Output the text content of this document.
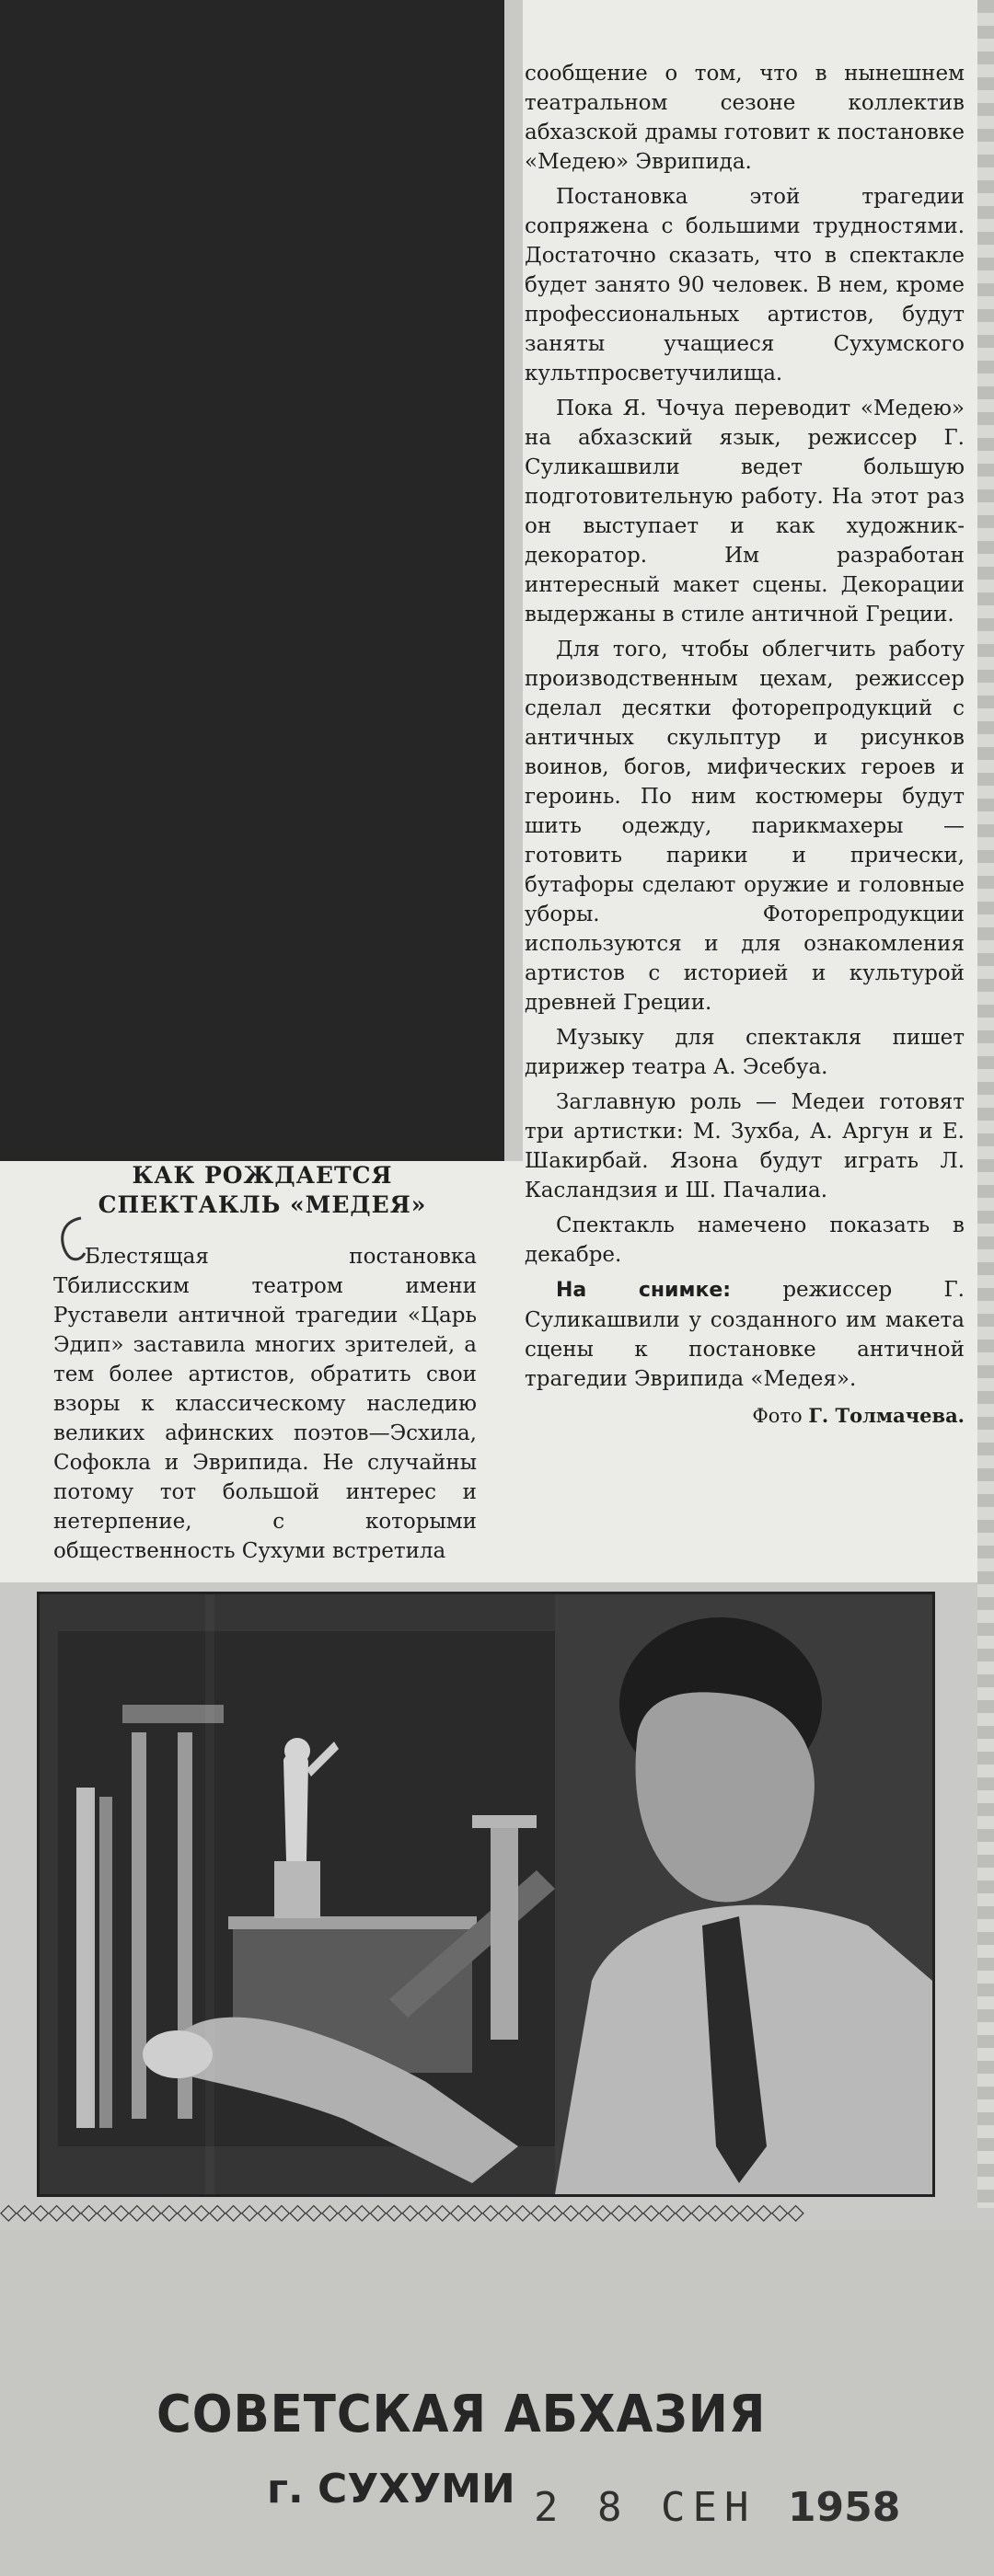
КАК РОЖДАЕТСЯ
СПЕКТАКЛЬ «МЕДЕЯ»

Блестящая постановка Тбилисским театром имени Руставели античной трагедии «Царь Эдип» заставила многих зрителей, а тем более артистов, обратить свои взоры к классическому наследию великих афинских поэтов—Эсхила, Софокла и Эврипида. Не случайны потому тот большой интерес и нетерпение, с которыми общественность Сухуми встретила

сообщение о том, что в нынешнем театральном сезоне коллектив абхазской драмы готовит к постановке «Медею» Эврипида.

Постановка этой трагедии сопряжена с большими трудностями. Достаточно сказать, что в спектакле будет занято 90 человек. В нем, кроме профессиональных артистов, будут заняты учащиеся Сухумского культпросветучилища.

Пока Я. Чочуа переводит «Медею» на абхазский язык, режиссер Г. Суликашвили ведет большую подготовительную работу. На этот раз он выступает и как художник-декоратор. Им разработан интересный макет сцены. Декорации выдержаны в стиле античной Греции.

Для того, чтобы облегчить работу производственным цехам, режиссер сделал десятки фоторепродукций с античных скульптур и рисунков воинов, богов, мифических героев и героинь. По ним костюмеры будут шить одежду, парикмахеры — готовить парики и прически, бутафоры сделают оружие и головные уборы. Фоторепродукции используются и для ознакомления артистов с историей и культурой древней Греции.

Музыку для спектакля пишет дирижер театра А. Эсебуа.

Заглавную роль — Медеи готовят три артистки: М. Зухба, А. Аргун и Е. Шакирбай. Язона будут играть Л. Касландзия и Ш. Пачалиа.

Спектакль намечено показать в декабре.

На снимке: режиссер Г. Суликашвили у созданного им макета сцены к постановке античной трагедии Эврипида «Медея».

Фото Г. Толмачева.
◇◇◇◇◇◇◇◇◇◇◇◇◇◇◇◇◇◇◇◇◇◇◇◇◇◇◇◇◇◇◇◇◇◇◇◇◇◇◇◇◇◇◇◇◇◇◇◇◇◇
СОВЕТСКАЯ АБХАЗИЯ
г. СУХУМИ 2 8 СЕН 1958
